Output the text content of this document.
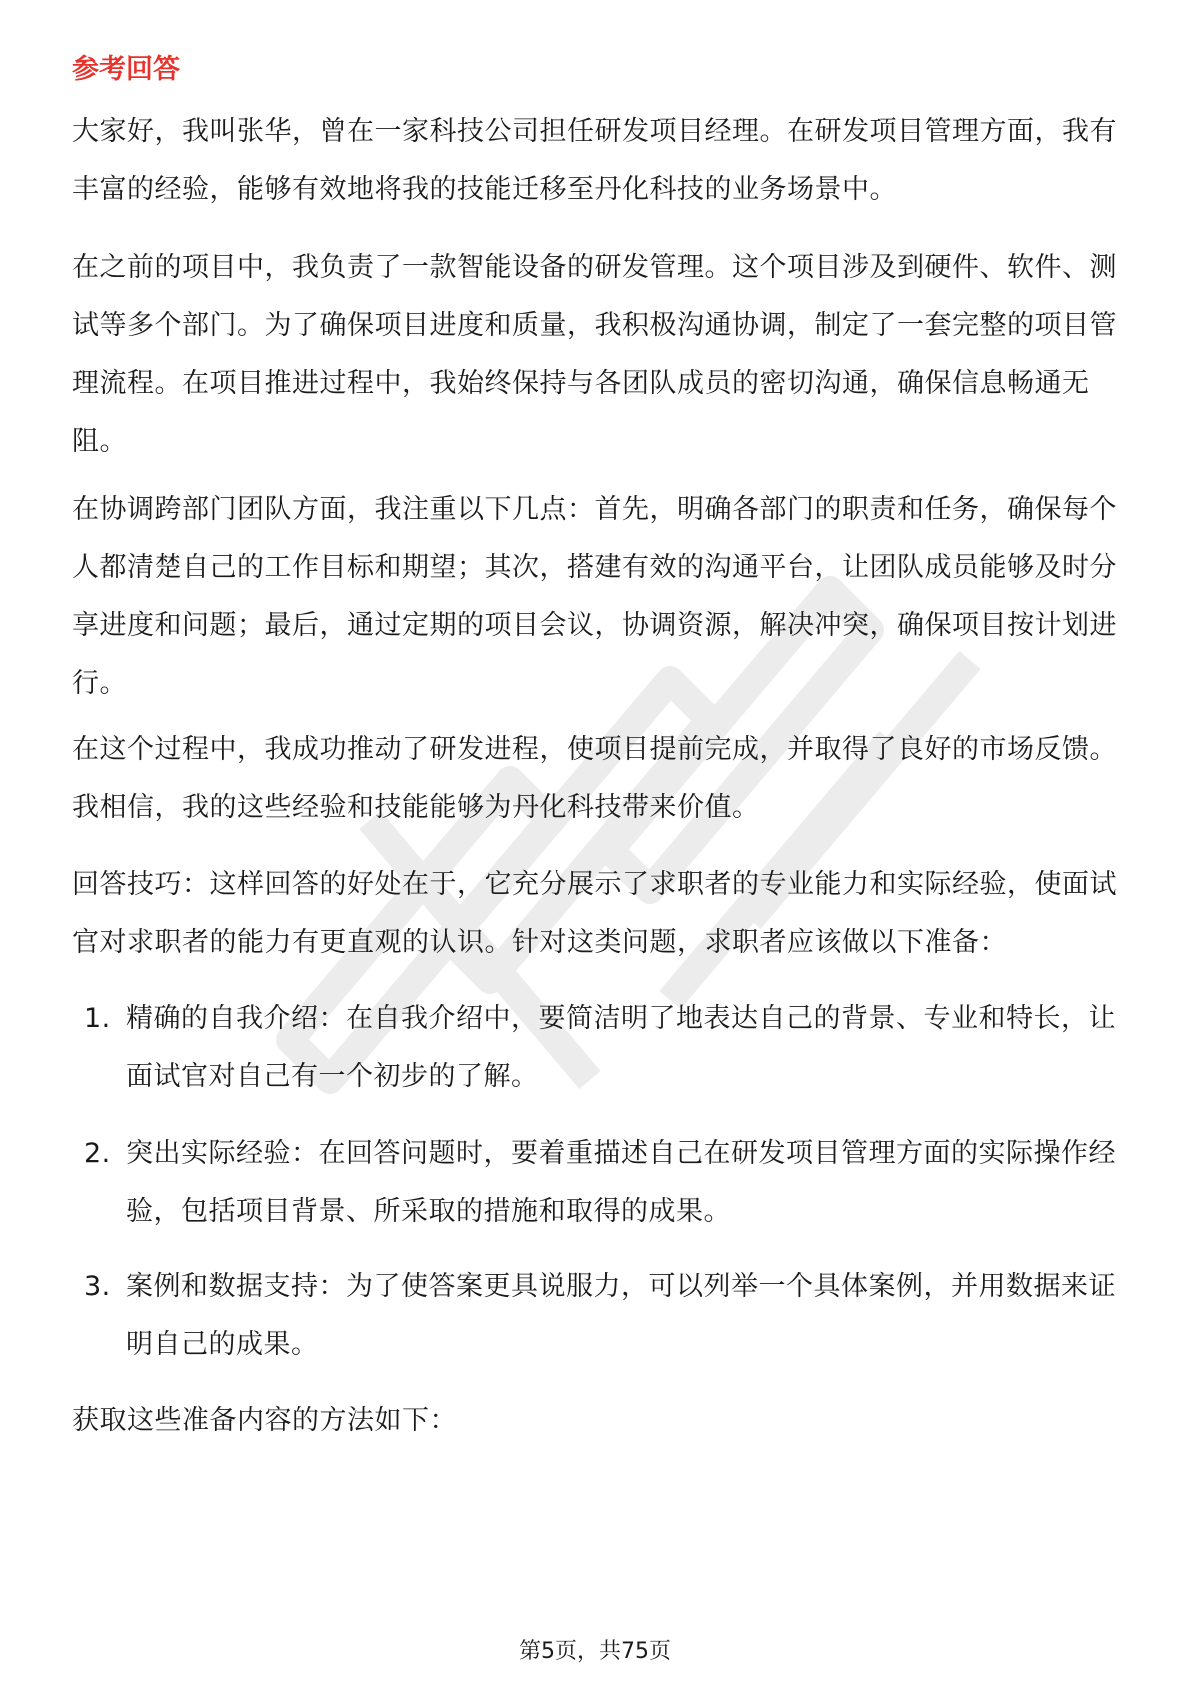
参考回答

大家好，我叫张华，曾在一家科技公司担任研发项目经理。在研发项目管理方面，我有丰富的经验，能够有效地将我的技能迁移至丹化科技的业务场景中。

在之前的项目中，我负责了一款智能设备的研发管理。这个项目涉及到硬件、软件、测试等多个部门。为了确保项目进度和质量，我积极沟通协调，制定了一套完整的项目管理流程。在项目推进过程中，我始终保持与各团队成员的密切沟通，确保信息畅通无阻。

在协调跨部门团队方面，我注重以下几点：首先，明确各部门的职责和任务，确保每个人都清楚自己的工作目标和期望；其次，搭建有效的沟通平台，让团队成员能够及时分享进度和问题；最后，通过定期的项目会议，协调资源，解决冲突，确保项目按计划进行。

在这个过程中，我成功推动了研发进程，使项目提前完成，并取得了良好的市场反馈。我相信，我的这些经验和技能能够为丹化科技带来价值。

回答技巧：这样回答的好处在于，它充分展示了求职者的专业能力和实际经验，使面试官对求职者的能力有更直观的认识。针对这类问题，求职者应该做以下准备：

1. 精确的自我介绍：在自我介绍中，要简洁明了地表达自己的背景、专业和特长，让面试官对自己有一个初步的了解。
2. 突出实际经验：在回答问题时，要着重描述自己在研发项目管理方面的实际操作经验，包括项目背景、所采取的措施和取得的成果。
3. 案例和数据支持：为了使答案更具说服力，可以列举一个具体案例，并用数据来证明自己的成果。

获取这些准备内容的方法如下：

第5页，共75页
